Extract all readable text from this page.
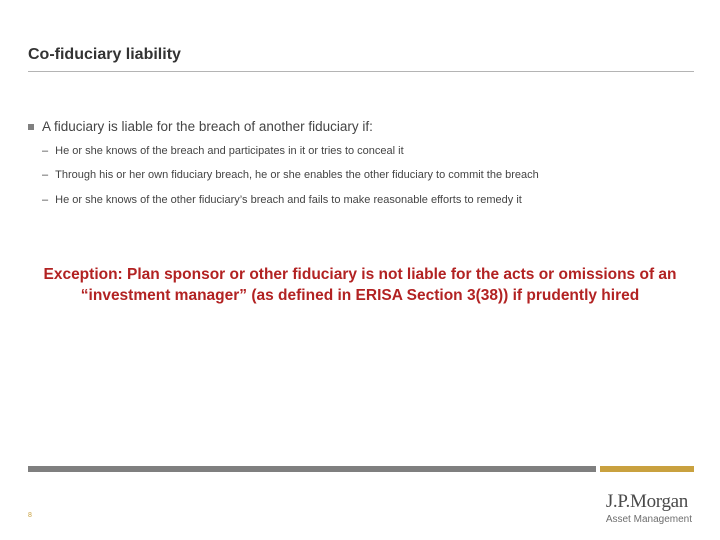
Co-fiduciary liability
A fiduciary is liable for the breach of another fiduciary if:
– He or she knows of the breach and participates in it or tries to conceal it
– Through his or her own fiduciary breach, he or she enables the other fiduciary to commit the breach
– He or she knows of the other fiduciary’s breach and fails to make reasonable efforts to remedy it
Exception: Plan sponsor or other fiduciary is not liable for the acts or omissions of an
“investment manager” (as defined in ERISA Section 3(38)) if prudently hired
8
J.P.Morgan
Asset Management
